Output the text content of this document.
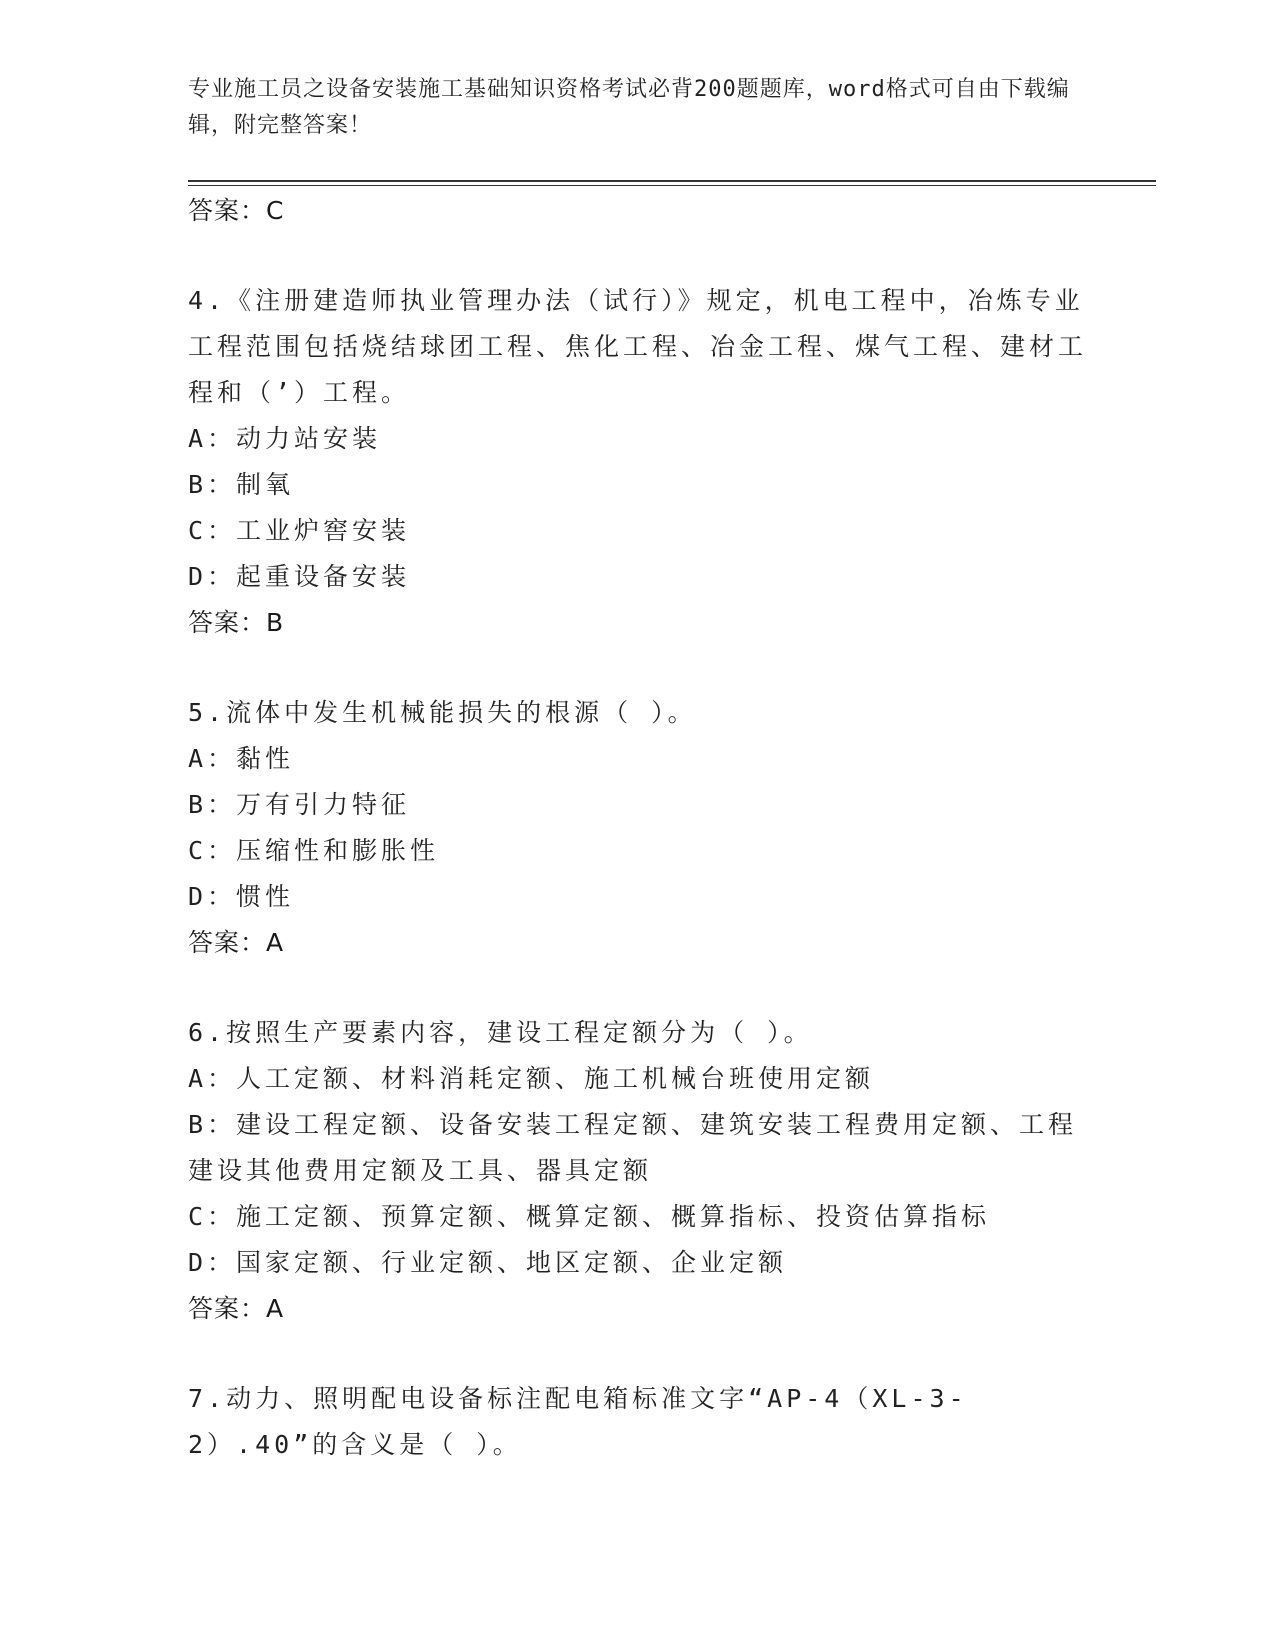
专业施工员之设备安装施工基础知识资格考试必背200题题库，word格式可自由下载编辑，附完整答案！
答案：C
4.《注册建造师执业管理办法（试行）》规定，机电工程中，冶炼专业工程范围包括烧结球团工程、焦化工程、冶金工程、煤气工程、建材工程和（’）工程。
A：动力站安装
B：制氧
C：工业炉窖安装
D：起重设备安装
答案：B
5.流体中发生机械能损失的根源（ ）。
A：黏性
B：万有引力特征
C：压缩性和膨胀性
D：惯性
答案：A
6.按照生产要素内容，建设工程定额分为（ ）。
A：人工定额、材料消耗定额、施工机械台班使用定额
B：建设工程定额、设备安装工程定额、建筑安装工程费用定额、工程建设其他费用定额及工具、器具定额
C：施工定额、预算定额、概算定额、概算指标、投资估算指标
D：国家定额、行业定额、地区定额、企业定额
答案：A
7.动力、照明配电设备标注配电箱标准文字“AP-4（XL-3-2）.40”的含义是（ ）。
